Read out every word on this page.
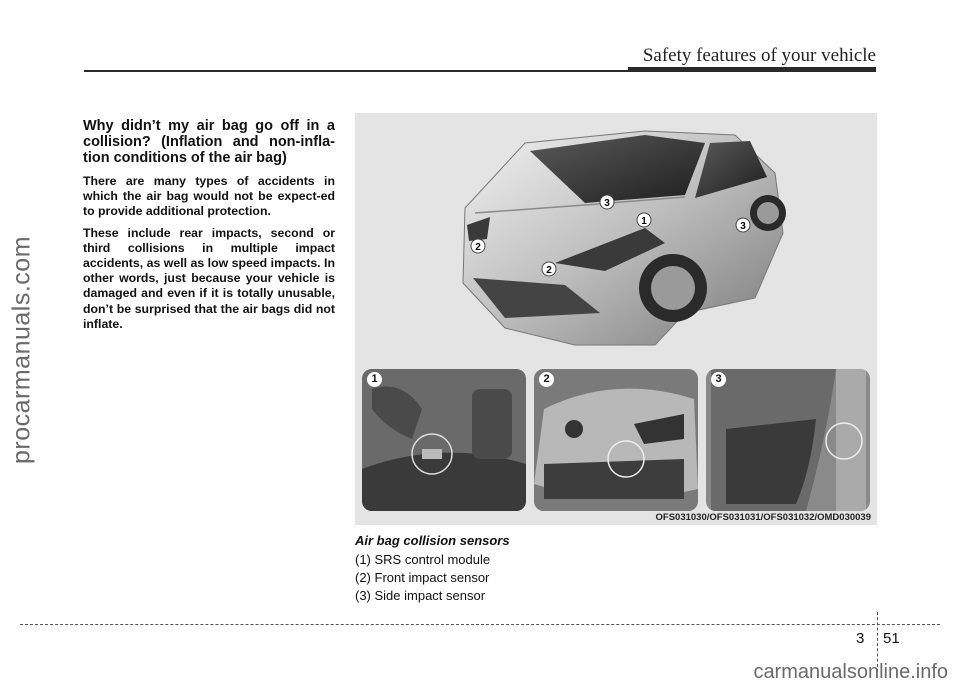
procarmanuals.com
Safety features of your vehicle

Why didn’t my air bag go off in a collision? (Inflation and non-infla-tion conditions of the air bag)

There are many types of accidents in which the air bag would not be expect-ed to provide additional protection.

These include rear impacts, second or third collisions in multiple impact accidents, as well as low speed impacts. In other words, just because your vehicle is damaged and even if it is totally unusable, don’t be surprised that the air bags did not inflate.

3
1	3
2
2
1	2	3
OFS031030/OFS031031/OFS031032/OMD030039

Air bag collision sensors

(1) SRS control module

(2) Front impact sensor

(3) Side impact sensor

3 51
carmanualsonline.info
